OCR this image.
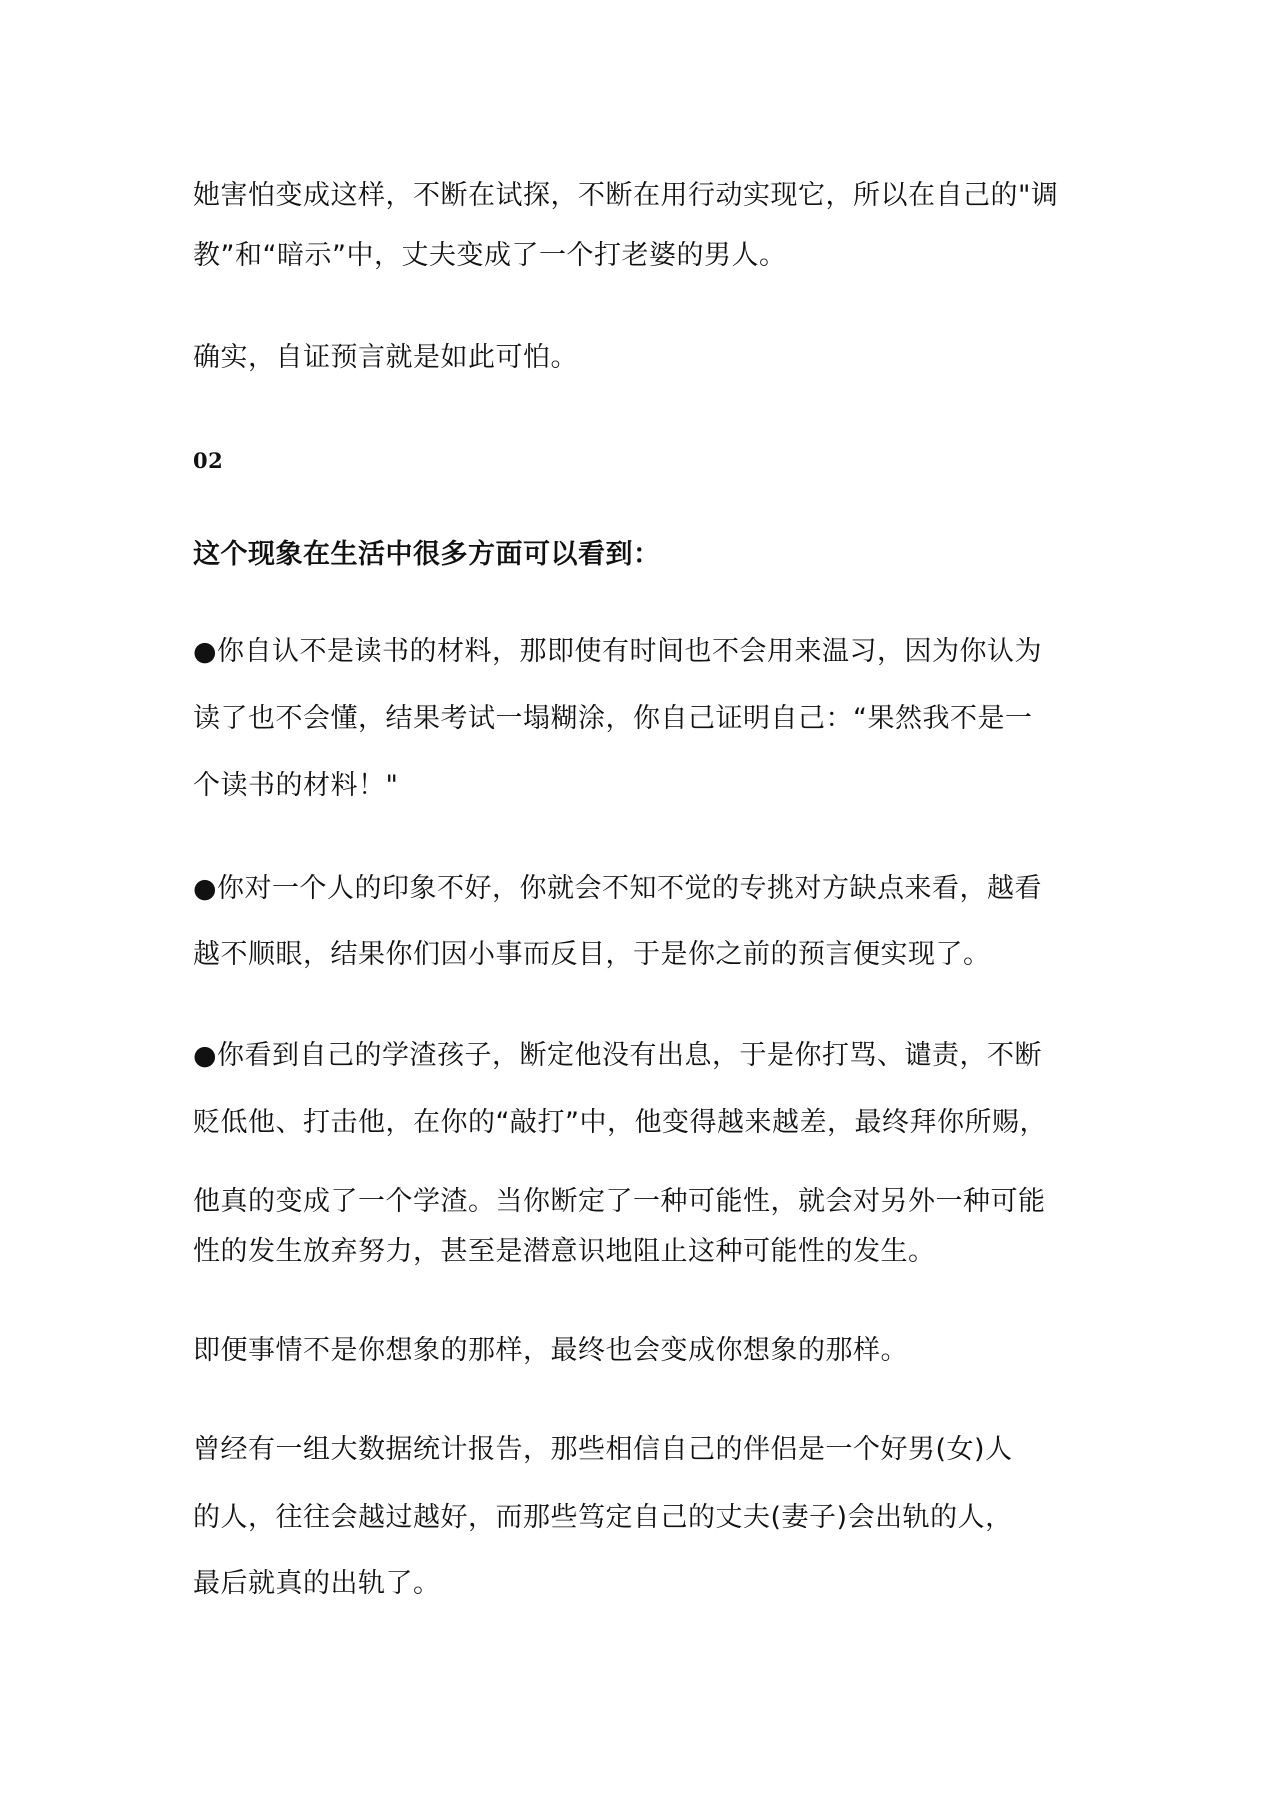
她害怕变成这样，不断在试探，不断在用行动实现它，所以在自己的"调
教”和“暗示”中，丈夫变成了一个打老婆的男人。
确实，自证预言就是如此可怕。
02
这个现象在生活中很多方面可以看到：
●你自认不是读书的材料，那即使有时间也不会用来温习，因为你认为
读了也不会懂，结果考试一塌糊涂，你自己证明自己：“果然我不是一
个读书的材料！"
●你对一个人的印象不好，你就会不知不觉的专挑对方缺点来看，越看
越不顺眼，结果你们因小事而反目，于是你之前的预言便实现了。
●你看到自己的学渣孩子，断定他没有出息，于是你打骂、谴责，不断
贬低他、打击他，在你的“敲打”中，他变得越来越差，最终拜你所赐，
他真的变成了一个学渣。当你断定了一种可能性，就会对另外一种可能
性的发生放弃努力，甚至是潜意识地阻止这种可能性的发生。
即便事情不是你想象的那样，最终也会变成你想象的那样。
曾经有一组大数据统计报告，那些相信自己的伴侣是一个好男(女)人
的人，往往会越过越好，而那些笃定自己的丈夫(妻子)会出轨的人，
最后就真的出轨了。
